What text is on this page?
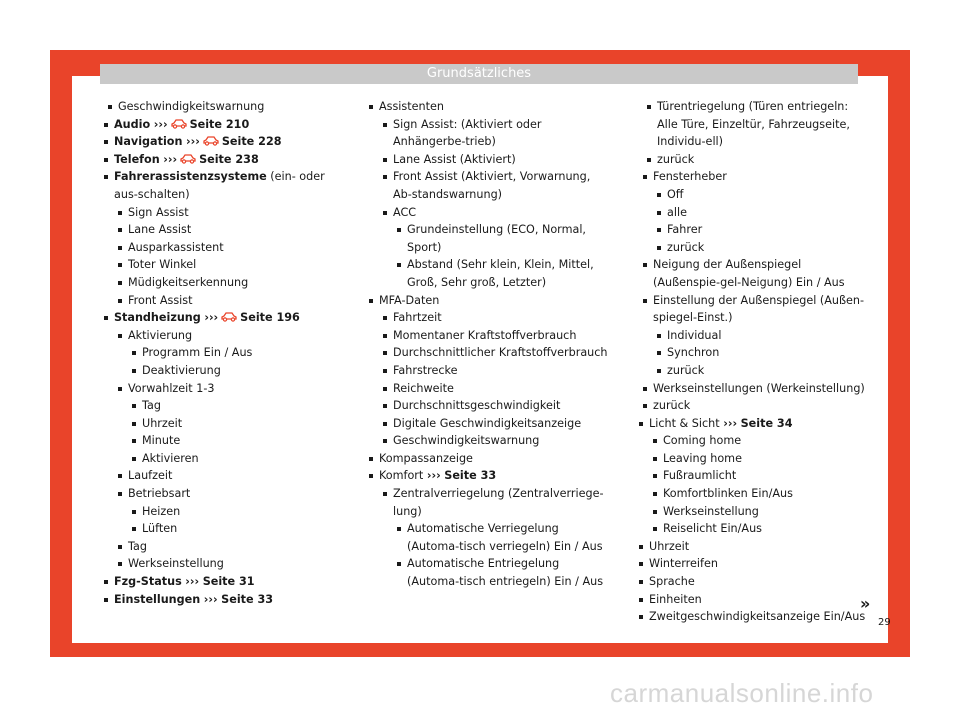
Grundsätzliches
Geschwindigkeitswarnung
Audio ››› Seite 210
Navigation ››› Seite 228
Telefon ››› Seite 238
Fahrerassistenzsysteme (ein- oder aus-schalten)
Sign Assist
Lane Assist
Ausparkassistent
Toter Winkel
Müdigkeitserkennung
Front Assist
Standheizung ››› Seite 196
Aktivierung
Programm Ein / Aus
Deaktivierung
Vorwahlzeit 1-3
Tag
Uhrzeit
Minute
Aktivieren
Laufzeit
Betriebsart
Heizen
Lüften
Tag
Werkseinstellung
Fzg-Status ››› Seite 31
Einstellungen ››› Seite 33
Assistenten
Sign Assist: (Aktiviert oder Anhängerbe-trieb)
Lane Assist (Aktiviert)
Front Assist (Aktiviert, Vorwarnung, Ab-standswarnung)
ACC
Grundeinstellung (ECO, Normal, Sport)
Abstand (Sehr klein, Klein, Mittel, Groß, Sehr groß, Letzter)
MFA-Daten
Fahrtzeit
Momentaner Kraftstoffverbrauch
Durchschnittlicher Kraftstoffverbrauch
Fahrstrecke
Reichweite
Durchschnittsgeschwindigkeit
Digitale Geschwindigkeitsanzeige
Geschwindigkeitswarnung
Kompassanzeige
Komfort ››› Seite 33
Zentralverriegelung (Zentralverriege-lung)
Automatische Verriegelung (Automa-tisch verriegeln) Ein / Aus
Automatische Entriegelung (Automa-tisch entriegeln) Ein / Aus
Türentriegelung (Türen entriegeln: Alle Türe, Einzeltür, Fahrzeugseite, Individu-ell)
zurück
Fensterheber
Off
alle
Fahrer
zurück
Neigung der Außenspiegel (Außenspie-gel-Neigung) Ein / Aus
Einstellung der Außenspiegel (Außen-spiegel-Einst.)
Individual
Synchron
zurück
Werkseinstellungen (Werkeinstellung)
zurück
Licht & Sicht ››› Seite 34
Coming home
Leaving home
Fußraumlicht
Komfortblinken Ein/Aus
Werkseinstellung
Reiselicht Ein/Aus
Uhrzeit
Winterreifen
Sprache
Einheiten
Zweitgeschwindigkeitsanzeige Ein/Aus
»
29
carmanualsonline.info
